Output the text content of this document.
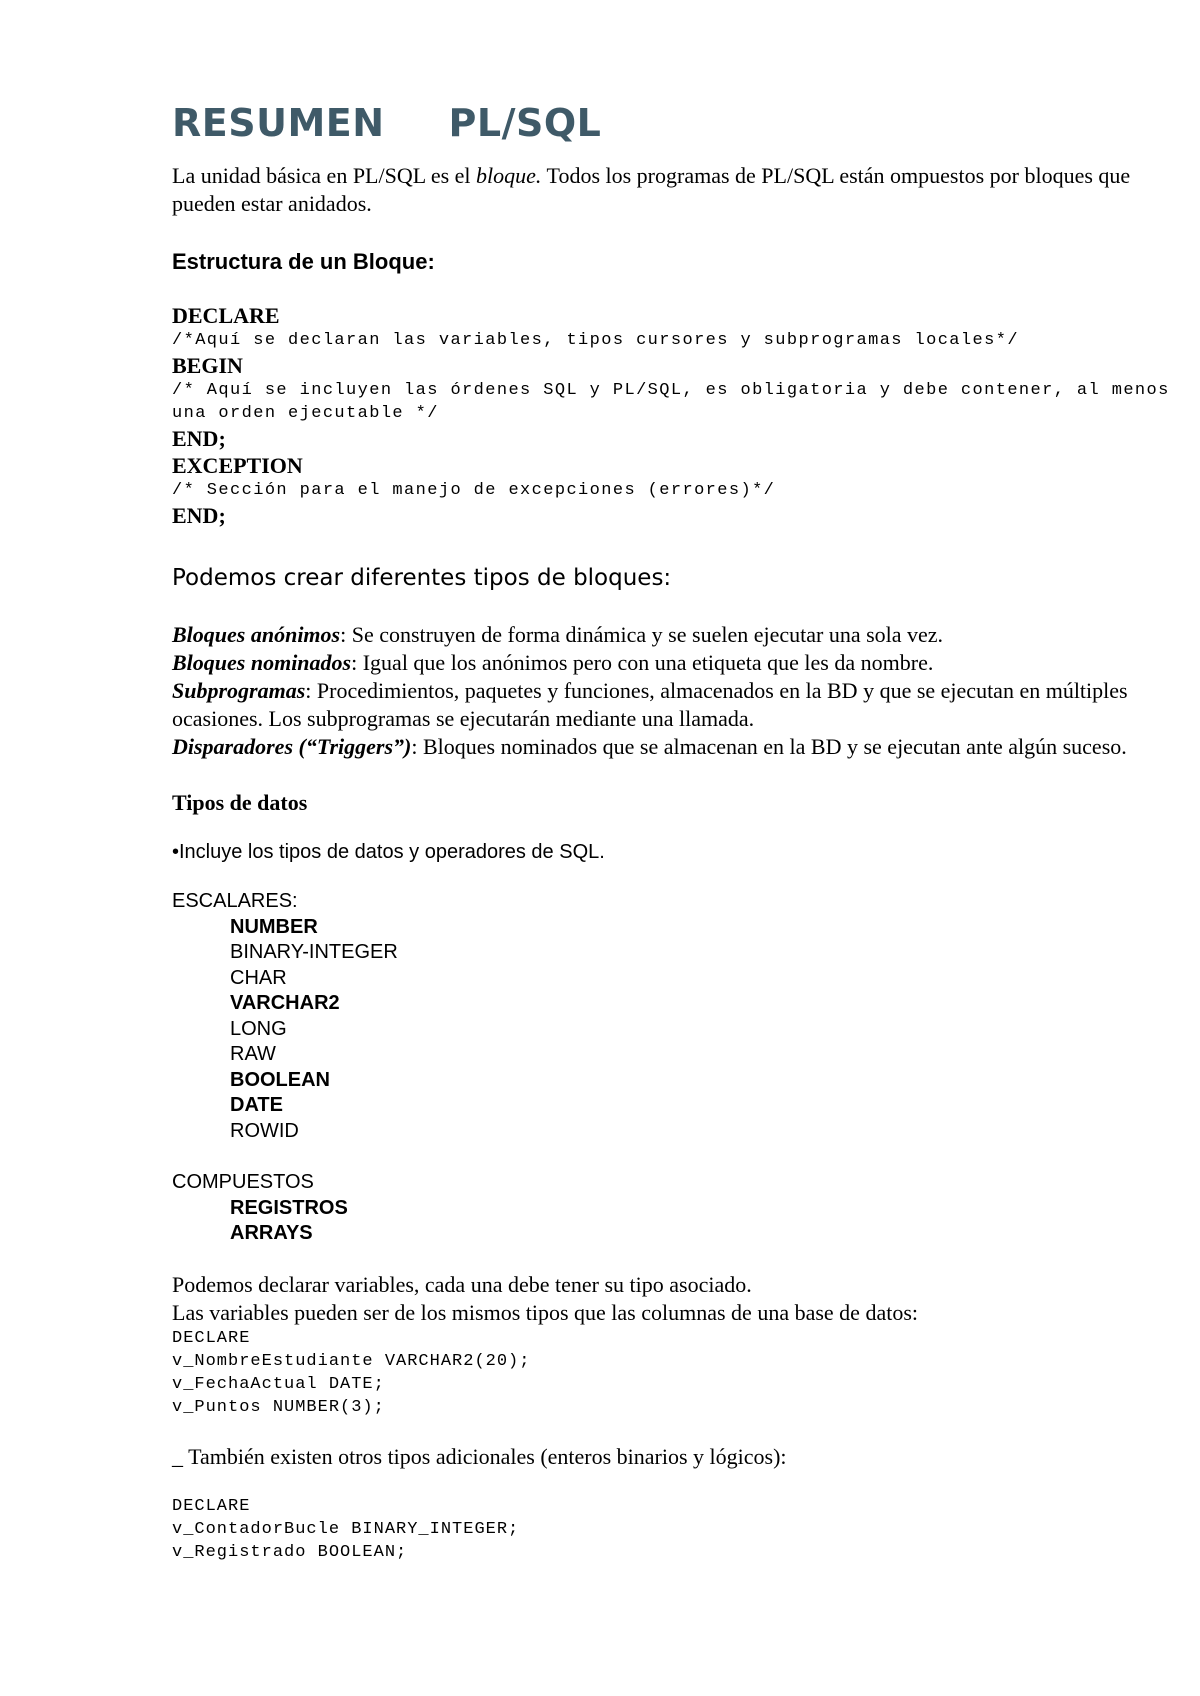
RESUMEN PL/SQL

La unidad básica en PL/SQL es el bloque. Todos los programas de PL/SQL están ompuestos por bloques que pueden estar anidados.

Estructura de un Bloque:
DECLARE
/*Aquí se declaran las variables, tipos cursores y subprogramas locales*/
BEGIN
/* Aquí se incluyen las órdenes SQL y PL/SQL, es obligatoria y debe contener, al menos una orden ejecutable */
END;
EXCEPTION
/* Sección para el manejo de excepciones (errores)*/
END;
Podemos crear diferentes tipos de bloques:

Bloques anónimos: Se construyen de forma dinámica y se suelen ejecutar una sola vez.

Bloques nominados: Igual que los anónimos pero con una etiqueta que les da nombre.

Subprogramas: Procedimientos, paquetes y funciones, almacenados en la BD y que se ejecutan en múltiples ocasiones. Los subprogramas se ejecutarán mediante una llamada.

Disparadores (“Triggers”): Bloques nominados que se almacenan en la BD y se ejecutan ante algún suceso.

Tipos de datos
•Incluye los tipos de datos y operadores de SQL.
ESCALARES:
NUMBER
BINARY-INTEGER
CHAR
VARCHAR2
LONG
RAW
BOOLEAN
DATE
ROWID
COMPUESTOS
REGISTROS
ARRAYS

Podemos declarar variables, cada una debe tener su tipo asociado.

Las variables pueden ser de los mismos tipos que las columnas de una base de datos:

DECLARE
v_NombreEstudiante VARCHAR2(20);
v_FechaActual DATE;
v_Puntos NUMBER(3);

_ También existen otros tipos adicionales (enteros binarios y lógicos):

DECLARE
v_ContadorBucle BINARY_INTEGER;
v_Registrado BOOLEAN;
